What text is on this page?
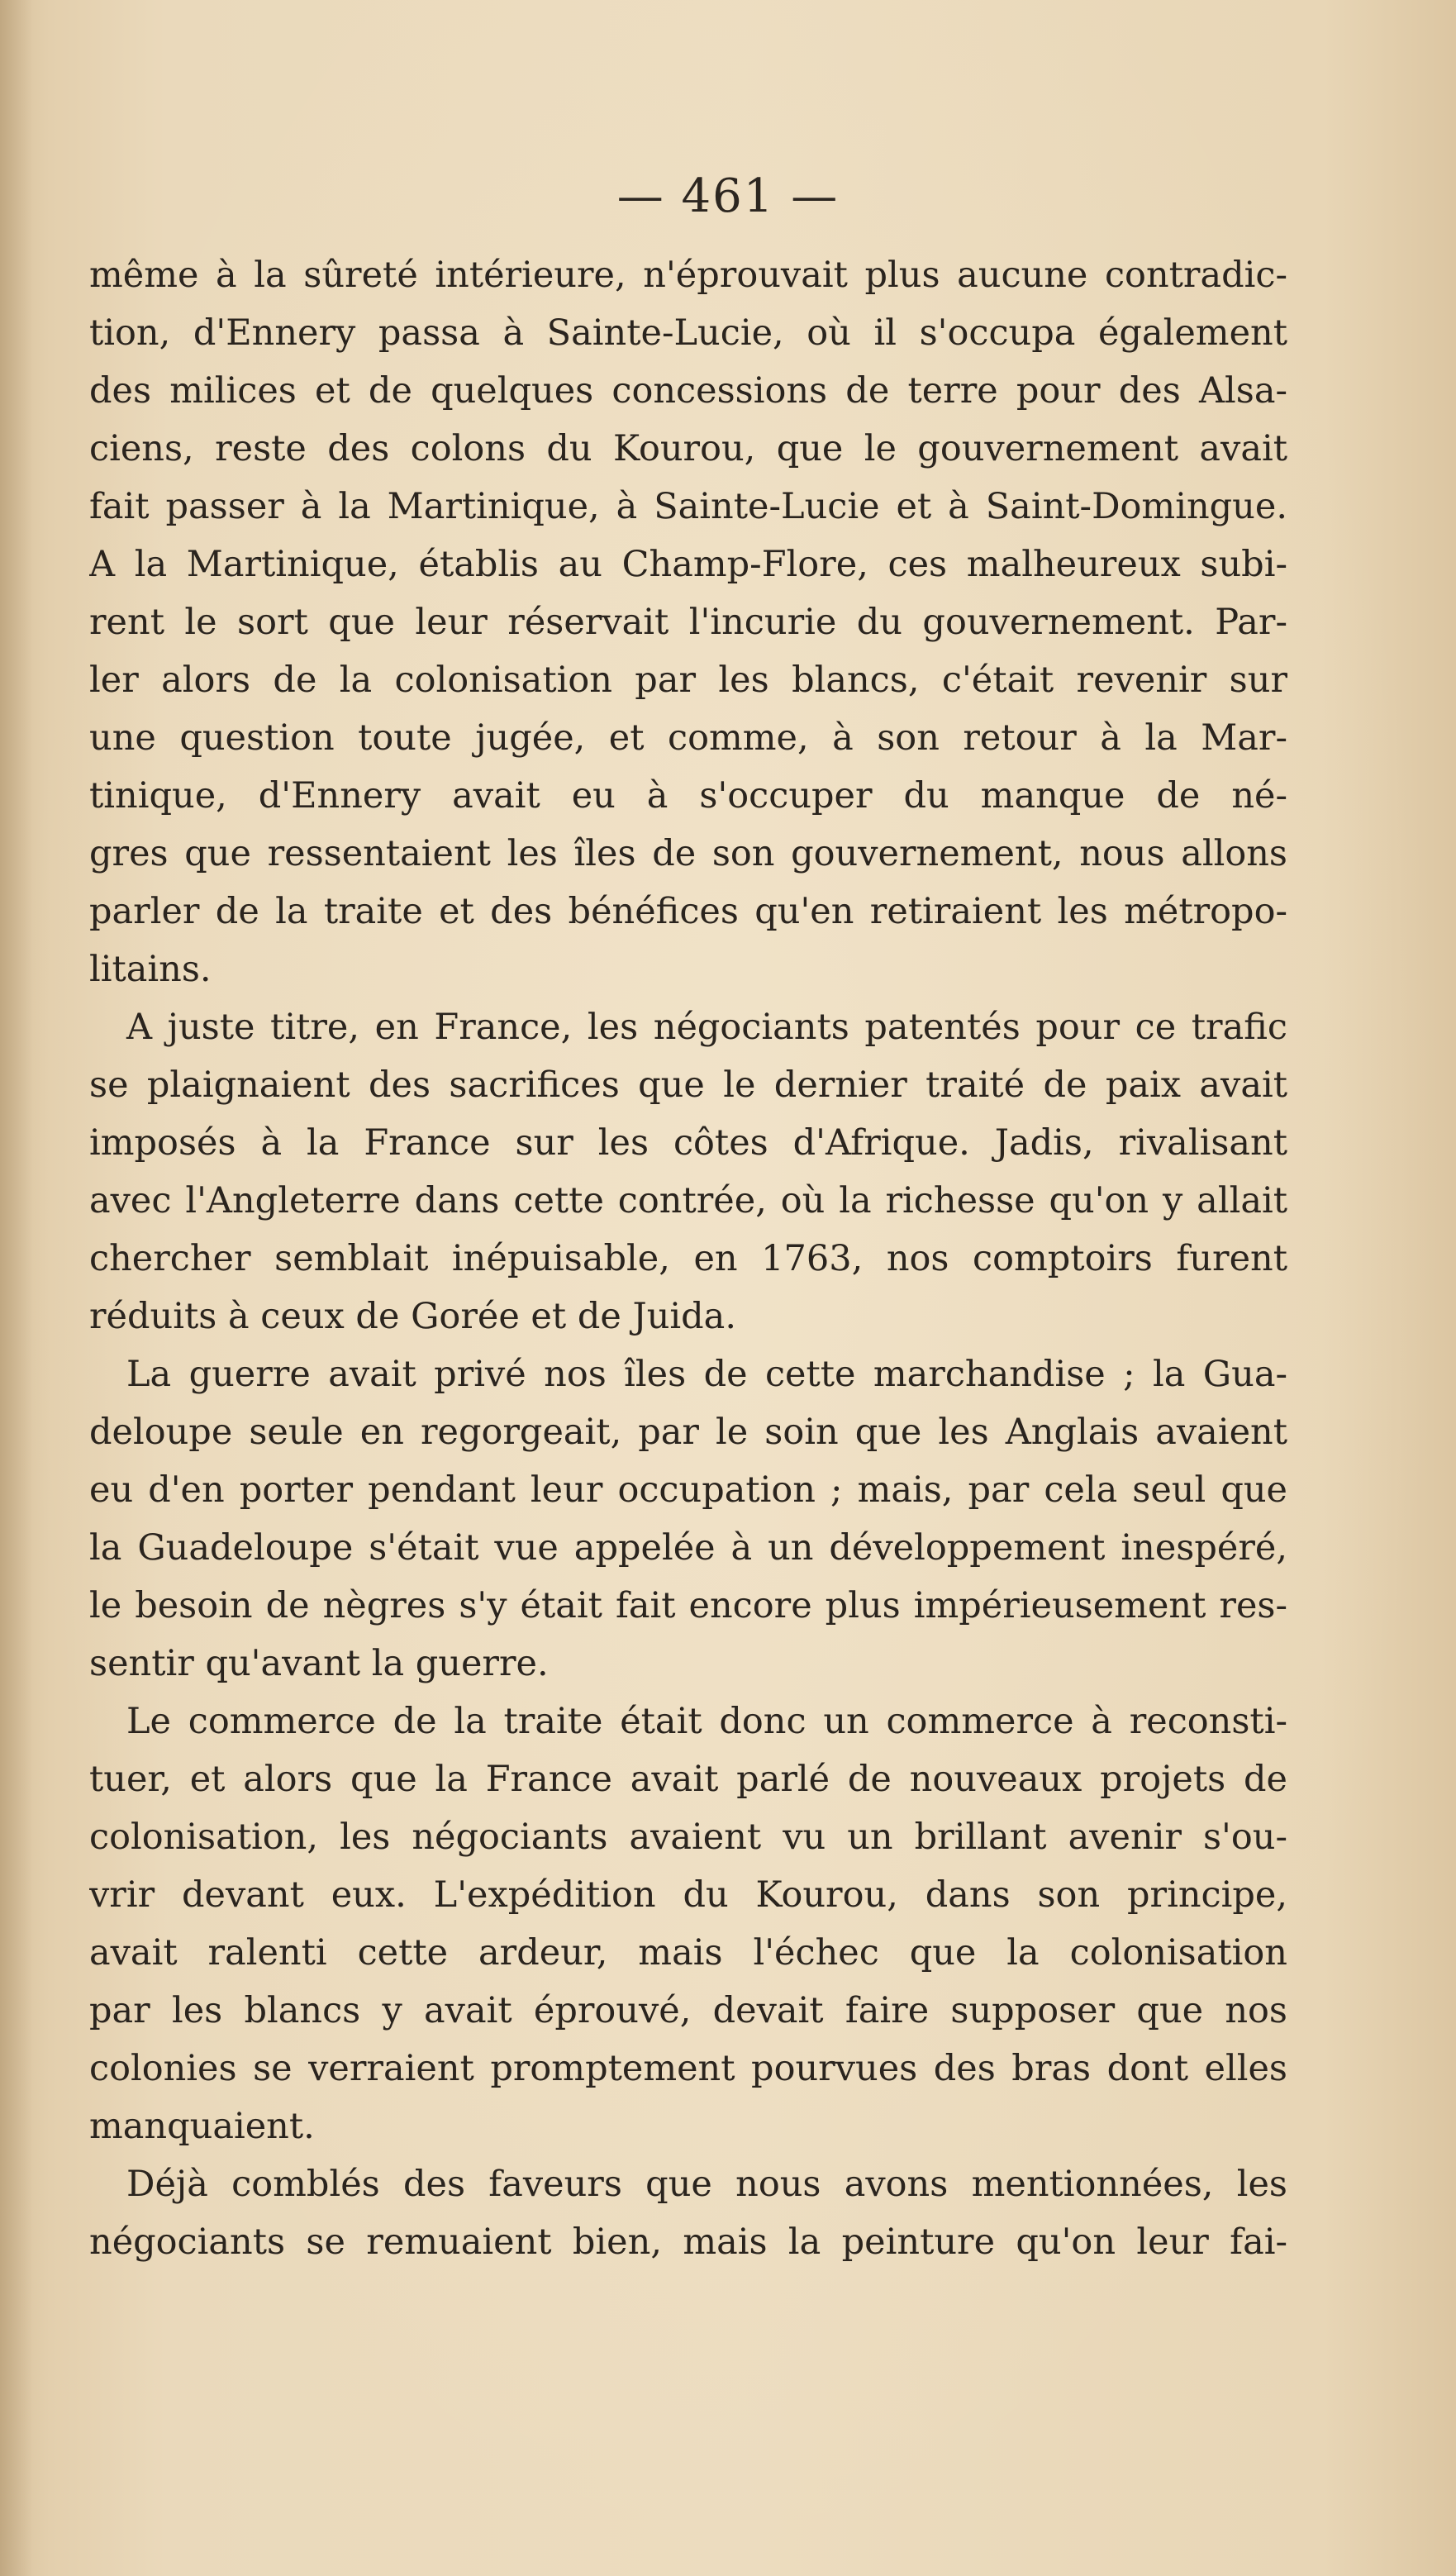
— 461 —
même à la sûreté intérieure, n'éprouvait plus aucune contradic-
tion, d'Ennery passa à Sainte-Lucie, où il s'occupa également
des milices et de quelques concessions de terre pour des Alsa-
ciens, reste des colons du Kourou, que le gouvernement avait
fait passer à la Martinique, à Sainte-Lucie et à Saint-Domingue.
A la Martinique, établis au Champ-Flore, ces malheureux subi-
rent le sort que leur réservait l'incurie du gouvernement. Par-
ler alors de la colonisation par les blancs, c'était revenir sur
une question toute jugée, et comme, à son retour à la Mar-
tinique, d'Ennery avait eu à s'occuper du manque de né-
gres que ressentaient les îles de son gouvernement, nous allons
parler de la traite et des bénéfices qu'en retiraient les métropo-
litains.
A juste titre, en France, les négociants patentés pour ce trafic
se plaignaient des sacrifices que le dernier traité de paix avait
imposés à la France sur les côtes d'Afrique. Jadis, rivalisant
avec l'Angleterre dans cette contrée, où la richesse qu'on y allait
chercher semblait inépuisable, en 1763, nos comptoirs furent
réduits à ceux de Gorée et de Juida.
La guerre avait privé nos îles de cette marchandise ; la Gua-
deloupe seule en regorgeait, par le soin que les Anglais avaient
eu d'en porter pendant leur occupation ; mais, par cela seul que
la Guadeloupe s'était vue appelée à un développement inespéré,
le besoin de nègres s'y était fait encore plus impérieusement res-
sentir qu'avant la guerre.
Le commerce de la traite était donc un commerce à reconsti-
tuer, et alors que la France avait parlé de nouveaux projets de
colonisation, les négociants avaient vu un brillant avenir s'ou-
vrir devant eux. L'expédition du Kourou, dans son principe,
avait ralenti cette ardeur, mais l'échec que la colonisation
par les blancs y avait éprouvé, devait faire supposer que nos
colonies se verraient promptement pourvues des bras dont elles
manquaient.
Déjà comblés des faveurs que nous avons mentionnées, les
négociants se remuaient bien, mais la peinture qu'on leur fai-
